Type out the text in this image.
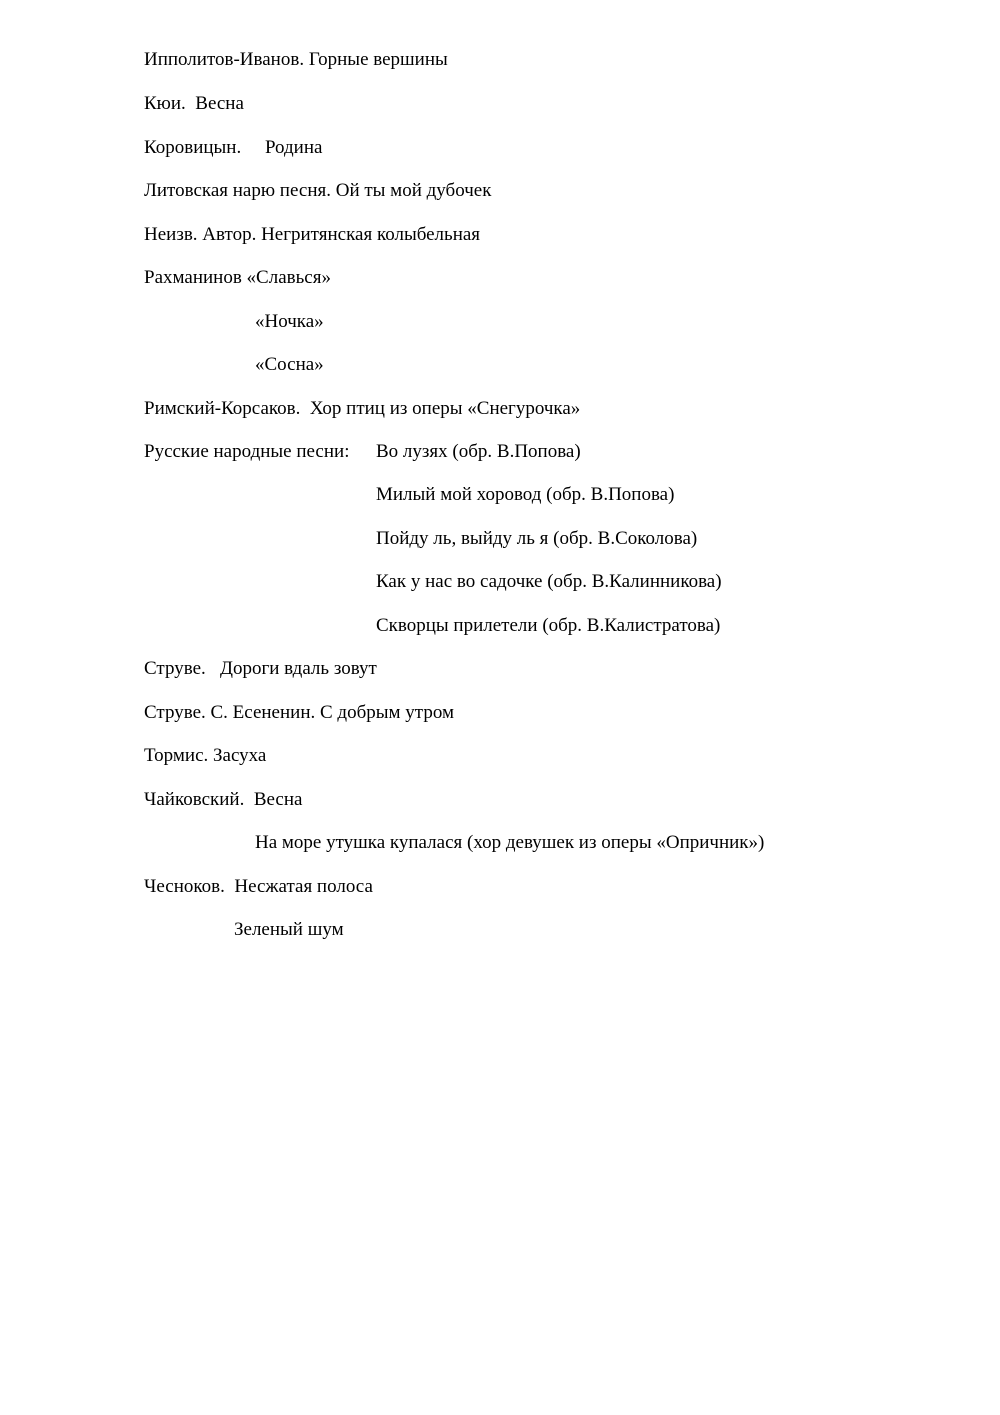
Ипполитов-Иванов. Горные вершины

Кюи.  Весна

Коровицын.     Родина

Литовская нарю песня. Ой ты мой дубочек

Неизв. Автор. Негритянская колыбельная

Рахманинов «Славься»

«Ночка»

«Сосна»

Римский-Корсаков.  Хор птиц из оперы «Снегурочка»

Русские народные песни: Во лузях (обр. В.Попова)

Милый мой хоровод (обр. В.Попова)

Пойду ль, выйду ль я (обр. В.Соколова)

Как у нас во садочке (обр. В.Калинникова)

Скворцы прилетели (обр. В.Калистратова)

Струве.   Дороги вдаль зовут

Струве. С. Есененин. С добрым утром

Тормис. Засуха

Чайковский.  Весна

На море утушка купалася (хор девушек из оперы «Опричник»)

Чесноков.  Несжатая полоса

Зеленый шум
